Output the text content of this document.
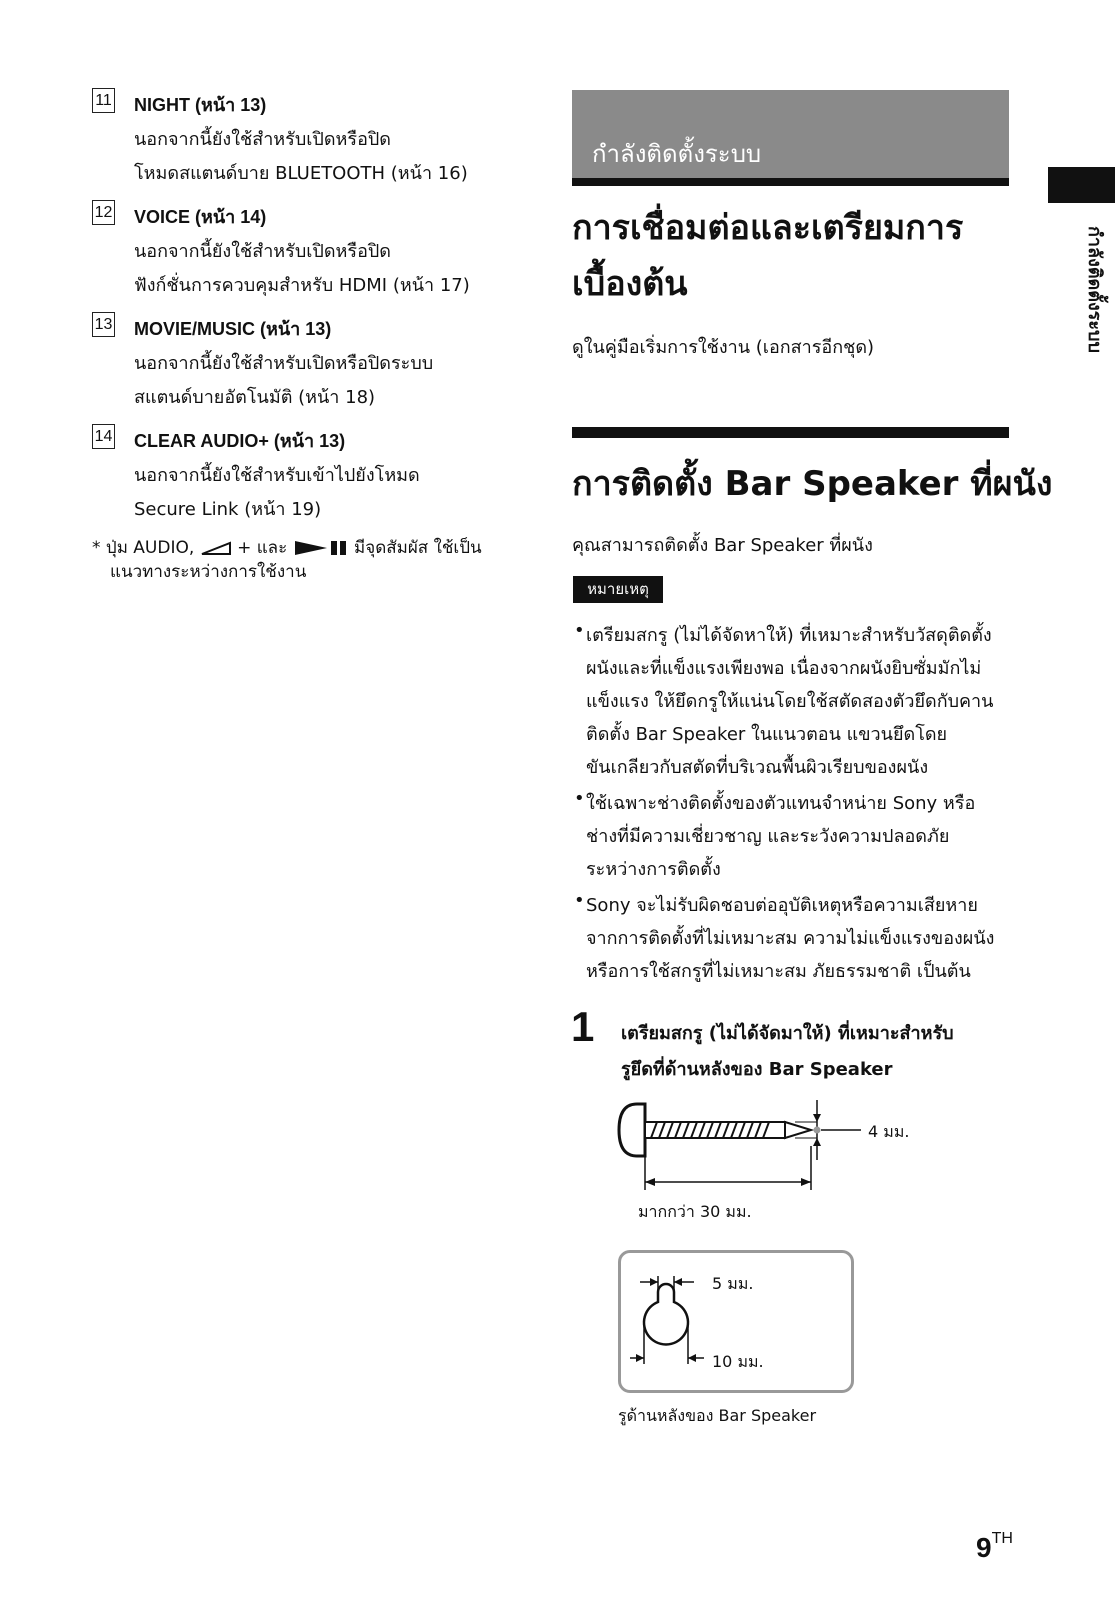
11 NIGHT (หน้า 13)
นอกจากนี้ยังใช้สำหรับเปิดหรือปิด
โหมดสแตนด์บาย BLUETOOTH (หน้า 16)
12 VOICE (หน้า 14)
นอกจากนี้ยังใช้สำหรับเปิดหรือปิด
ฟังก์ชั่นการควบคุมสำหรับ HDMI (หน้า 17)
13 MOVIE/MUSIC (หน้า 13)
นอกจากนี้ยังใช้สำหรับเปิดหรือปิดระบบ
สแตนด์บายอัตโนมัติ (หน้า 18)
14 CLEAR AUDIO+ (หน้า 13)
นอกจากนี้ยังใช้สำหรับเข้าไปยังโหมด
Secure Link (หน้า 19)
* ปุ่ม AUDIO,	+ และ	มีจุดสัมผัส ใช้เป็น
แนวทางระหว่างการใช้งาน
กำลังติดตั้งระบบ
การเชื่อมต่อและเตรียมการ
เบื้องต้น
ดูในคู่มือเริ่มการใช้งาน (เอกสารอีกชุด)
การติดตั้ง Bar Speaker ที่ผนัง
คุณสามารถติดตั้ง Bar Speaker ที่ผนัง
หมายเหตุ
• เตรียมสกรู (ไม่ได้จัดหาให้) ที่เหมาะสำหรับวัสดุติดตั้ง
ผนังและที่แข็งแรงเพียงพอ เนื่องจากผนังยิบซั่มมักไม่
แข็งแรง ให้ยึดกรูให้แน่นโดยใช้สตัดสองตัวยึดกับคาน
ติดตั้ง Bar Speaker ในแนวตอน แขวนยึดโดย
ขันเกลียวกับสตัดที่บริเวณพื้นผิวเรียบของผนัง
• ใช้เฉพาะช่างติดตั้งของตัวแทนจำหน่าย Sony หรือ
ช่างที่มีความเชี่ยวชาญ และระวังความปลอดภัย
ระหว่างการติดตั้ง
• Sony จะไม่รับผิดชอบต่ออุบัติเหตุหรือความเสียหาย
จากการติดตั้งที่ไม่เหมาะสม ความไม่แข็งแรงของผนัง
หรือการใช้สกรูที่ไม่เหมาะสม ภัยธรรมชาติ เป็นต้น
1 เตรียมสกรู (ไม่ได้จัดมาให้) ที่เหมาะสำหรับ
รูยึดที่ด้านหลังของ Bar Speaker
4 มม.
มากกว่า 30 มม.
5 มม.
10 มม.
รูด้านหลังของ Bar Speaker
กำลังติดตั้งระบบ
9TH
